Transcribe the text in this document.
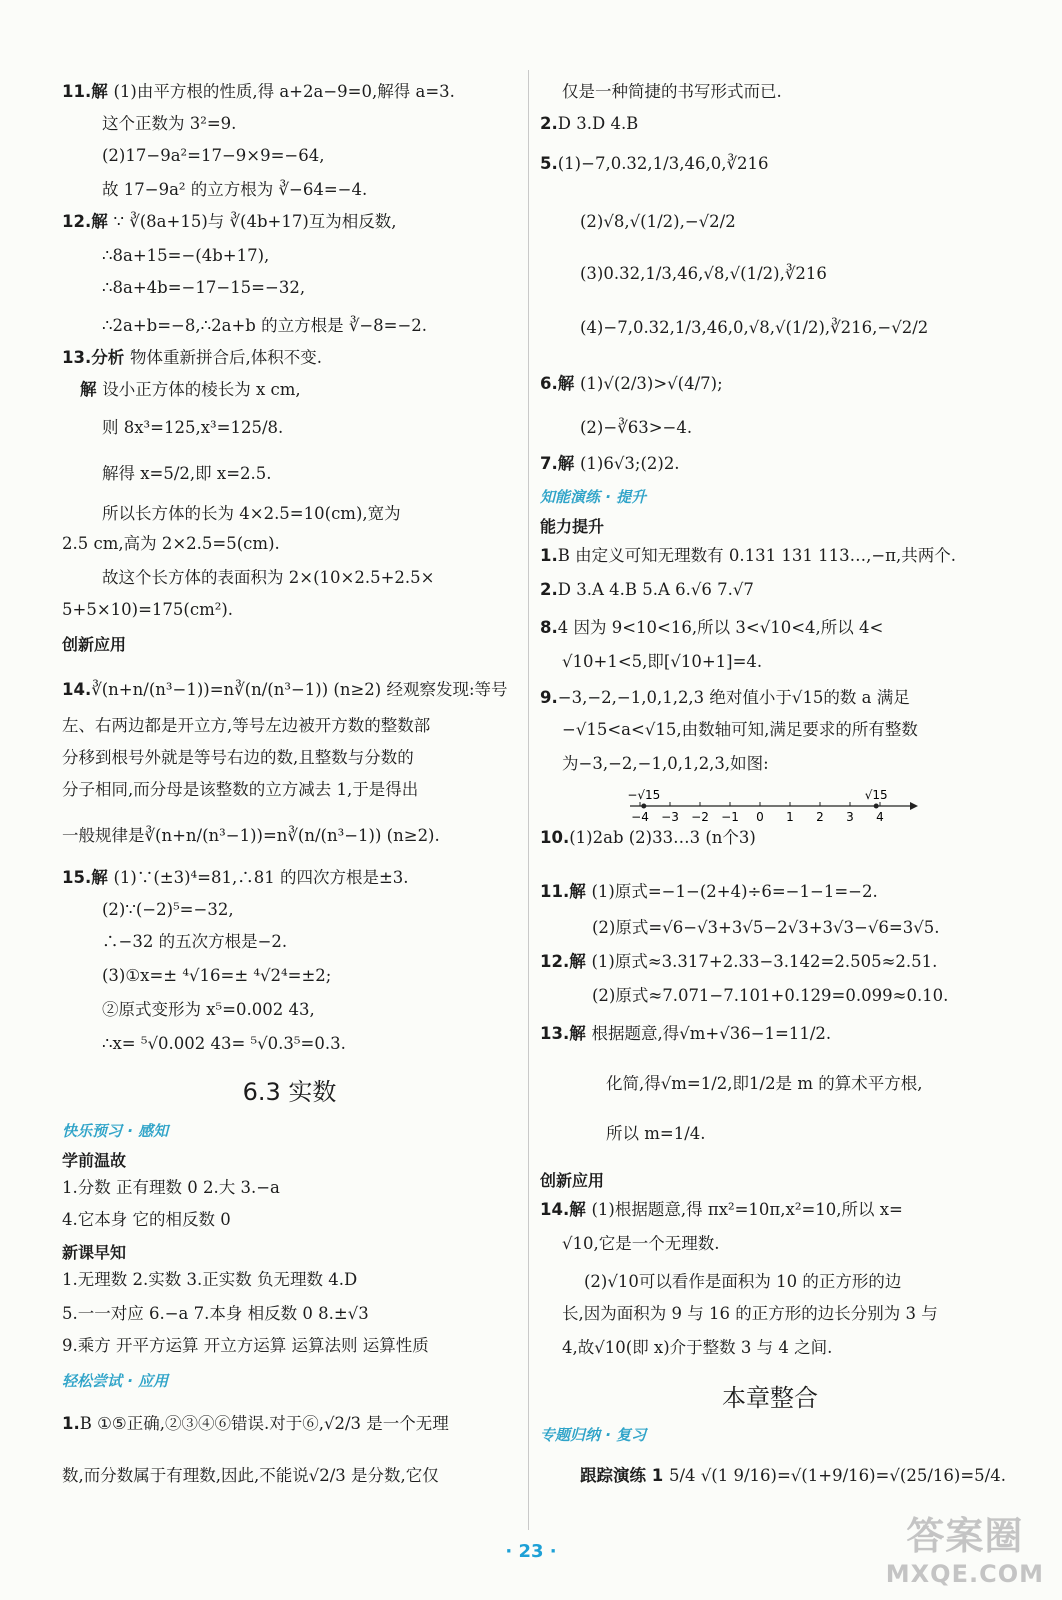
11.解 (1)由平方根的性质,得 a+2a−9=0,解得 a=3.
这个正数为 3²=9.
(2)17−9a²=17−9×9=−64,
故 17−9a² 的立方根为 ∛−64=−4.
12.解 ∵ ∛(8a+15)与 ∛(4b+17)互为相反数,
∴8a+15=−(4b+17),
∴8a+4b=−17−15=−32,
∴2a+b=−8,∴2a+b 的立方根是 ∛−8=−2.
13.分析 物体重新拼合后,体积不变.
解 设小正方体的棱长为 x cm,
则 8x³=125,x³=125/8.
解得 x=5/2,即 x=2.5.
所以长方体的长为 4×2.5=10(cm),宽为
2.5 cm,高为 2×2.5=5(cm).
故这个长方体的表面积为 2×(10×2.5+2.5×
5+5×10)=175(cm²).
创新应用
14.∛(n+n/(n³−1))=n∛(n/(n³−1)) (n≥2) 经观察发现:等号
左、右两边都是开立方,等号左边被开方数的整数部
分移到根号外就是等号右边的数,且整数与分数的
分子相同,而分母是该整数的立方减去 1,于是得出
一般规律是∛(n+n/(n³−1))=n∛(n/(n³−1)) (n≥2).
15.解 (1)∵(±3)⁴=81,∴81 的四次方根是±3.
(2)∵(−2)⁵=−32,
∴−32 的五次方根是−2.
(3)①x=± ⁴√16=± ⁴√2⁴=±2;
②原式变形为 x⁵=0.002 43,
∴x= ⁵√0.002 43= ⁵√0.3⁵=0.3.
6.3 实数
快乐预习 · 感知
学前温故
1.分数 正有理数 0 2.大 3.−a
4.它本身 它的相反数 0
新课早知
1.无理数 2.实数 3.正实数 负无理数 4.D
5.一一对应 6.−a 7.本身 相反数 0 8.±√3
9.乘方 开平方运算 开立方运算 运算法则 运算性质
轻松尝试 · 应用
1.B ①⑤正确,②③④⑥错误.对于⑥,√2/3 是一个无理
数,而分数属于有理数,因此,不能说√2/3 是分数,它仅
仅是一种简捷的书写形式而已.
2.D 3.D 4.B
5.(1)−7,0.32,1/3,46,0,∛216
(2)√8,√(1/2),−√2/2
(3)0.32,1/3,46,√8,√(1/2),∛216
(4)−7,0.32,1/3,46,0,√8,√(1/2),∛216,−√2/2
6.解 (1)√(2/3)>√(4/7);
(2)−∛63>−4.
7.解 (1)6√3;(2)2.
知能演练 · 提升
能力提升
1.B 由定义可知无理数有 0.131 131 113…,−π,共两个.
2.D 3.A 4.B 5.A 6.√6 7.√7
8.4 因为 9<10<16,所以 3<√10<4,所以 4<
√10+1<5,即[√10+1]=4.
9.−3,−2,−1,0,1,2,3 绝对值小于√15的数 a 满足
−√15<a<√15,由数轴可知,满足要求的所有整数
为−3,−2,−1,0,1,2,3,如图:
10.(1)2ab (2)33…3 (n个3)
11.解 (1)原式=−1−(2+4)÷6=−1−1=−2.
(2)原式=√6−√3+3√5−2√3+3√3−√6=3√5.
12.解 (1)原式≈3.317+2.33−3.142=2.505≈2.51.
(2)原式≈7.071−7.101+0.129=0.099≈0.10.
13.解 根据题意,得√m+√36−1=11/2.
化简,得√m=1/2,即1/2是 m 的算术平方根,
所以 m=1/4.
创新应用
14.解 (1)根据题意,得 πx²=10π,x²=10,所以 x=
√10,它是一个无理数.
(2)√10可以看作是面积为 10 的正方形的边
长,因为面积为 9 与 16 的正方形的边长分别为 3 与
4,故√10(即 x)介于整数 3 与 4 之间.
本章整合
专题归纳 · 复习
跟踪演练 1 5/4 √(1 9/16)=√(1+9/16)=√(25/16)=5/4.
−4 −3 −2 −1 0 1 2 3 4
−√15	√15
· 23 ·	答案圈
MXQE.COM
